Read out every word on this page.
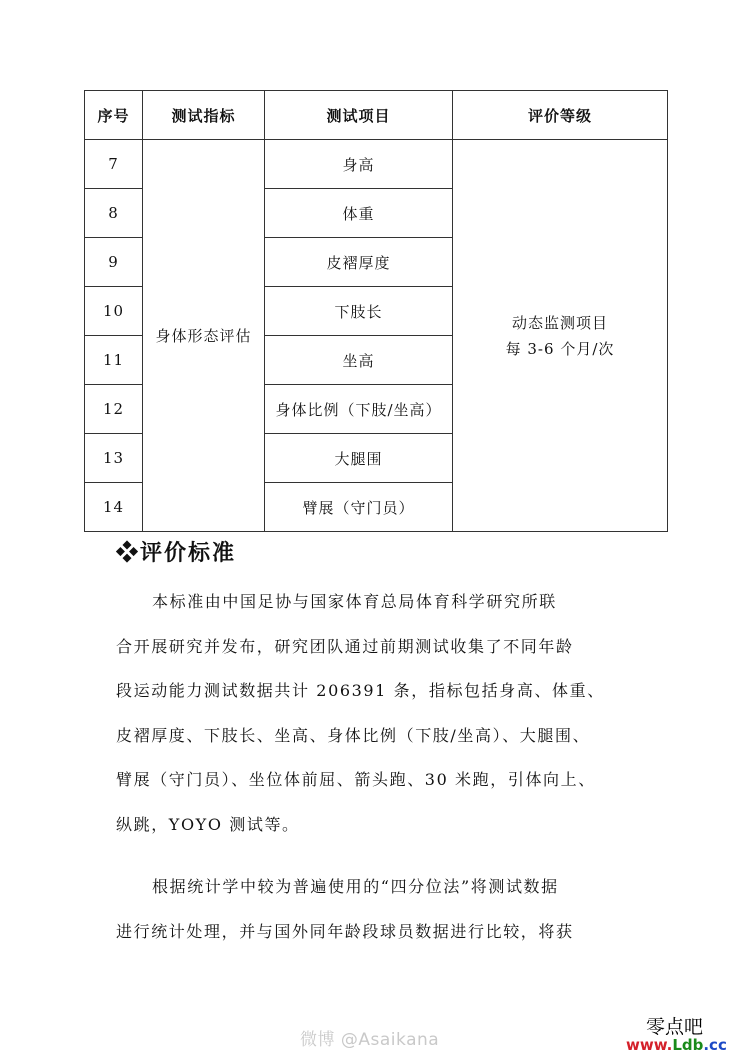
序号	测试指标	测试项目	评价等级
7	身体形态评估	身高	动态监测项目
每 3-6 个月/次

8		体重	
9		皮褶厚度	
10		下肢长	
11		坐高	
12		身体比例（下肢/坐高）	
13		大腿围	
14		臂展（守门员）	
❖评价标准
本标准由中国足协与国家体育总局体育科学研究所联
合开展研究并发布，研究团队通过前期测试收集了不同年龄
段运动能力测试数据共计 206391 条，指标包括身高、体重、
皮褶厚度、下肢长、坐高、身体比例（下肢/坐高）、大腿围、
臂展（守门员）、坐位体前屈、箭头跑、30 米跑，引体向上、
纵跳，YOYO 测试等。
根据统计学中较为普遍使用的“四分位法”将测试数据
进行统计处理，并与国外同年龄段球员数据进行比较，将获
微博 @Asaikana
零点吧
www.Ldb.cc
